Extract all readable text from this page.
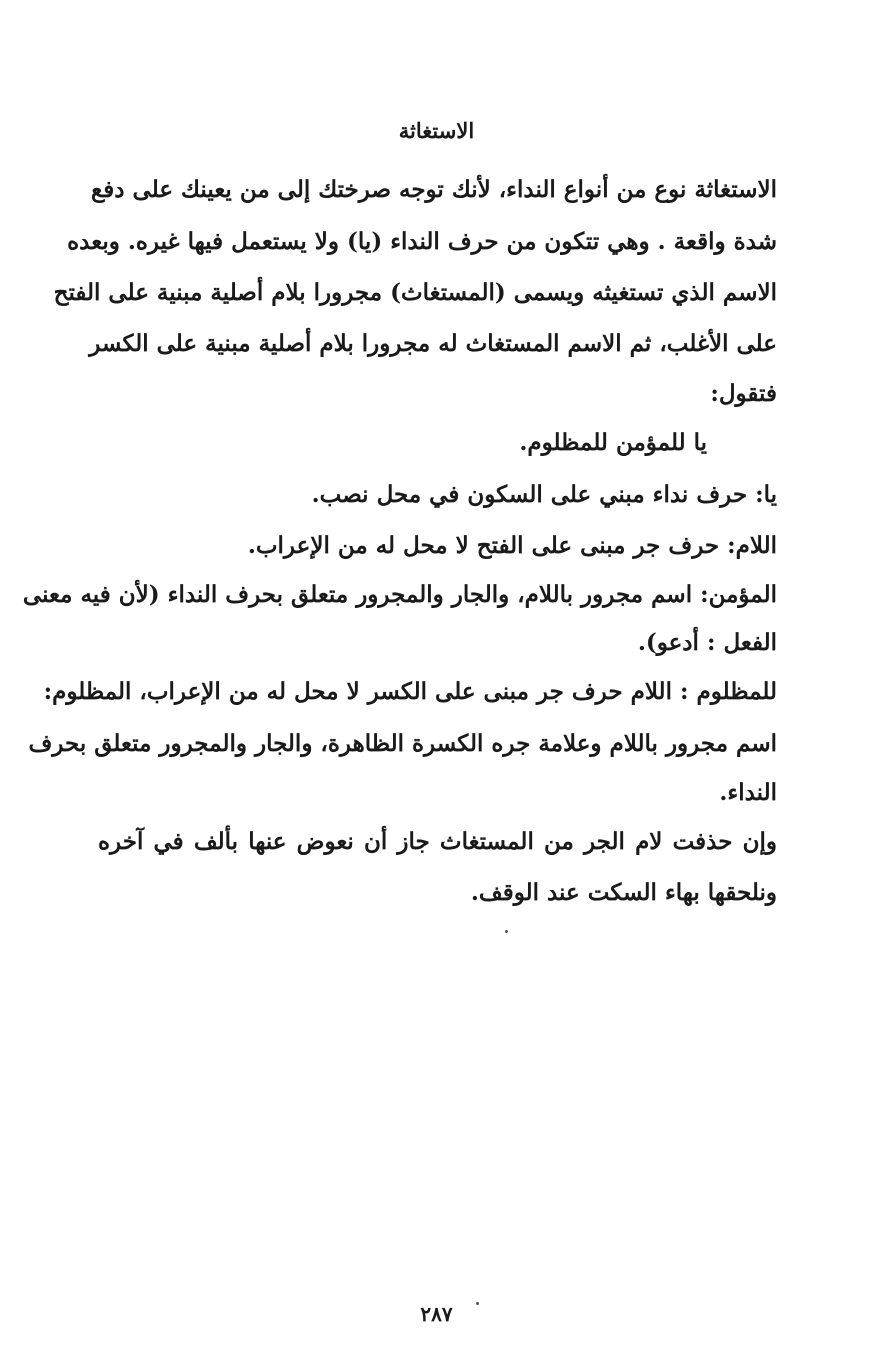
الاستغاثة
الاستغاثة نوع من أنواع النداء، لأنك توجه صرختك إلى من يعينك على دفع
شدة واقعة . وهي تتكون من حرف النداء (يا) ولا يستعمل فيها غيره. وبعده
الاسم الذي تستغيثه ويسمى (المستغاث) مجرورا بلام أصلية مبنية على الفتح
على الأغلب، ثم الاسم المستغاث له مجرورا بلام أصلية مبنية على الكسر
فتقول:
يا للمؤمن للمظلوم.
يا: حرف نداء مبني على السكون في محل نصب.
اللام: حرف جر مبنى على الفتح لا محل له من الإعراب.
المؤمن: اسم مجرور باللام، والجار والمجرور متعلق بحرف النداء (لأن فيه معنى
الفعل : أدعو).
للمظلوم : اللام حرف جر مبنى على الكسر لا محل له من الإعراب، المظلوم:
اسم مجرور باللام وعلامة جره الكسرة الظاهرة، والجار والمجرور متعلق بحرف
النداء.
وإن حذفت لام الجر من المستغاث جاز أن نعوض عنها بألف في آخره
ونلحقها بهاء السكت عند الوقف.
٢٨٧
